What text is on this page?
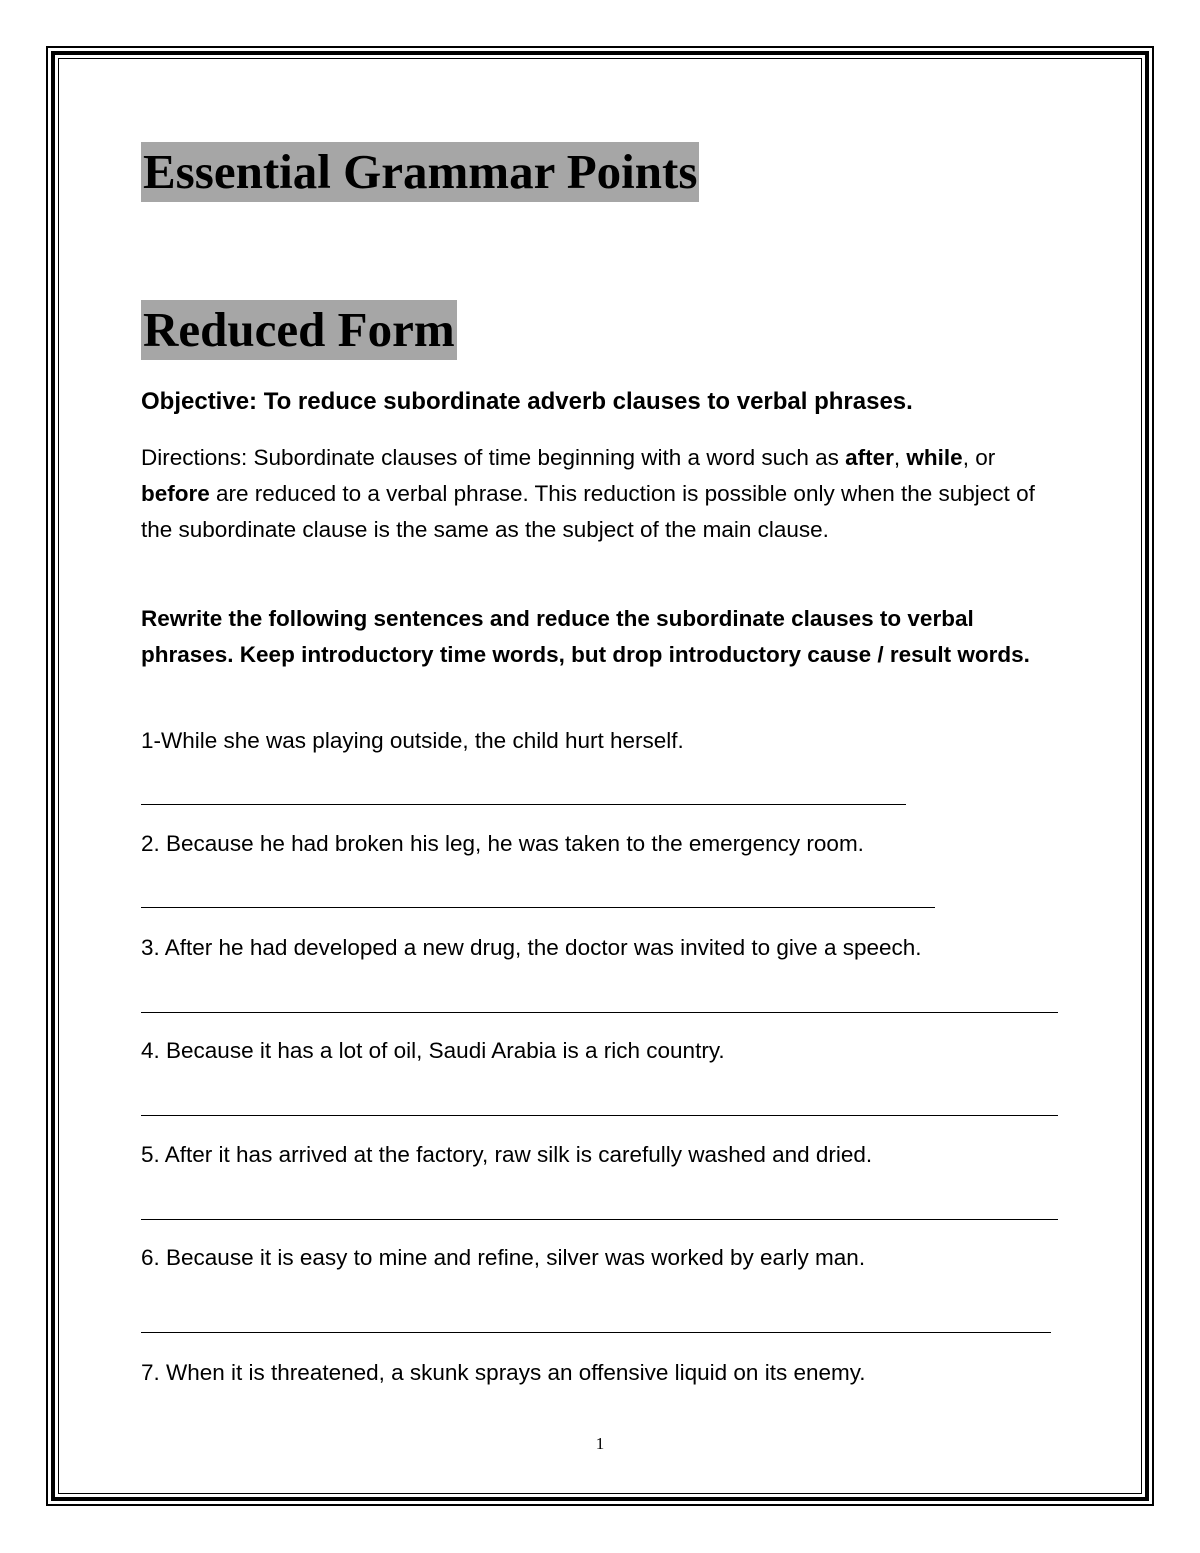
Essential Grammar Points
Reduced Form
Objective: To reduce subordinate adverb clauses to verbal phrases.
Directions: Subordinate clauses of time beginning with a word such as after, while, or before are reduced to a verbal phrase. This reduction is possible only when the subject of the subordinate clause is the same as the subject of the main clause.
Rewrite the following sentences and reduce the subordinate clauses to verbal phrases. Keep introductory time words, but drop introductory cause / result words.
1-While she was playing outside, the child hurt herself.
2. Because he had broken his leg, he was taken to the emergency room.
3. After he had developed a new drug, the doctor was invited to give a speech.
4. Because it has a lot of oil, Saudi Arabia is a rich country.
5. After it has arrived at the factory, raw silk is carefully washed and dried.
6. Because it is easy to mine and refine, silver was worked by early man.
7. When it is threatened, a skunk sprays an offensive liquid on its enemy.
1
